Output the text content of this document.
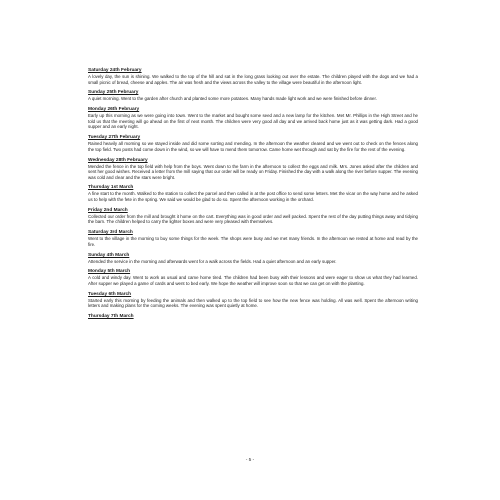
Saturday 24th February
A lovely day, the sun is shining. We walked to the top of the hill and sat in the long grass looking out over the estate. The children played with the dogs and we had a small picnic of bread, cheese and apples. The air was fresh and the views across the valley to the village were beautiful in the afternoon light.
Sunday 25th February
A quiet morning. Went to the garden after church and planted some more potatoes. Many hands made light work and we were finished before dinner.
Monday 26th February
Early up this morning as we were going into town. Went to the market and bought some seed and a new lamp for the kitchen. Met Mr. Phillips in the High Street and he told us that the meeting will go ahead on the first of next month. The children were very good all day and we arrived back home just as it was getting dark. Had a good supper and an early night.
Tuesday 27th February
Rained heavily all morning so we stayed inside and did some sorting and mending. In the afternoon the weather cleared and we went out to check on the fences along the top field. Two posts had come down in the wind, so we will have to mend them tomorrow. Came home wet through and sat by the fire for the rest of the evening.
Wednesday 28th February
Mended the fence in the top field with help from the boys. Went down to the farm in the afternoon to collect the eggs and milk. Mrs. Jones asked after the children and sent her good wishes. Received a letter from the mill saying that our order will be ready on Friday. Finished the day with a walk along the river before supper. The evening was cold and clear and the stars were bright.
Thursday 1st March
A fine start to the month. Walked to the station to collect the parcel and then called in at the post office to send some letters. Met the vicar on the way home and he asked us to help with the fete in the spring. We said we would be glad to do so. Spent the afternoon working in the orchard.
Friday 2nd March
Collected our order from the mill and brought it home on the cart. Everything was in good order and well packed. Spent the rest of the day putting things away and tidying the barn. The children helped to carry the lighter boxes and were very pleased with themselves.
Saturday 3rd March
Went to the village in the morning to buy some things for the week. The shops were busy and we met many friends. In the afternoon we rested at home and read by the fire.
Sunday 4th March
Attended the service in the morning and afterwards went for a walk across the fields. Had a quiet afternoon and an early supper.
Monday 5th March
A cold and windy day. Went to work as usual and came home tired. The children had been busy with their lessons and were eager to show us what they had learned. After supper we played a game of cards and went to bed early. We hope the weather will improve soon so that we can get on with the planting.
Tuesday 6th March
Started early this morning by feeding the animals and then walked up to the top field to see how the new fence was holding. All was well. Spent the afternoon writing letters and making plans for the coming weeks. The evening was spent quietly at home.
Thursday 7th March
- 5 -
